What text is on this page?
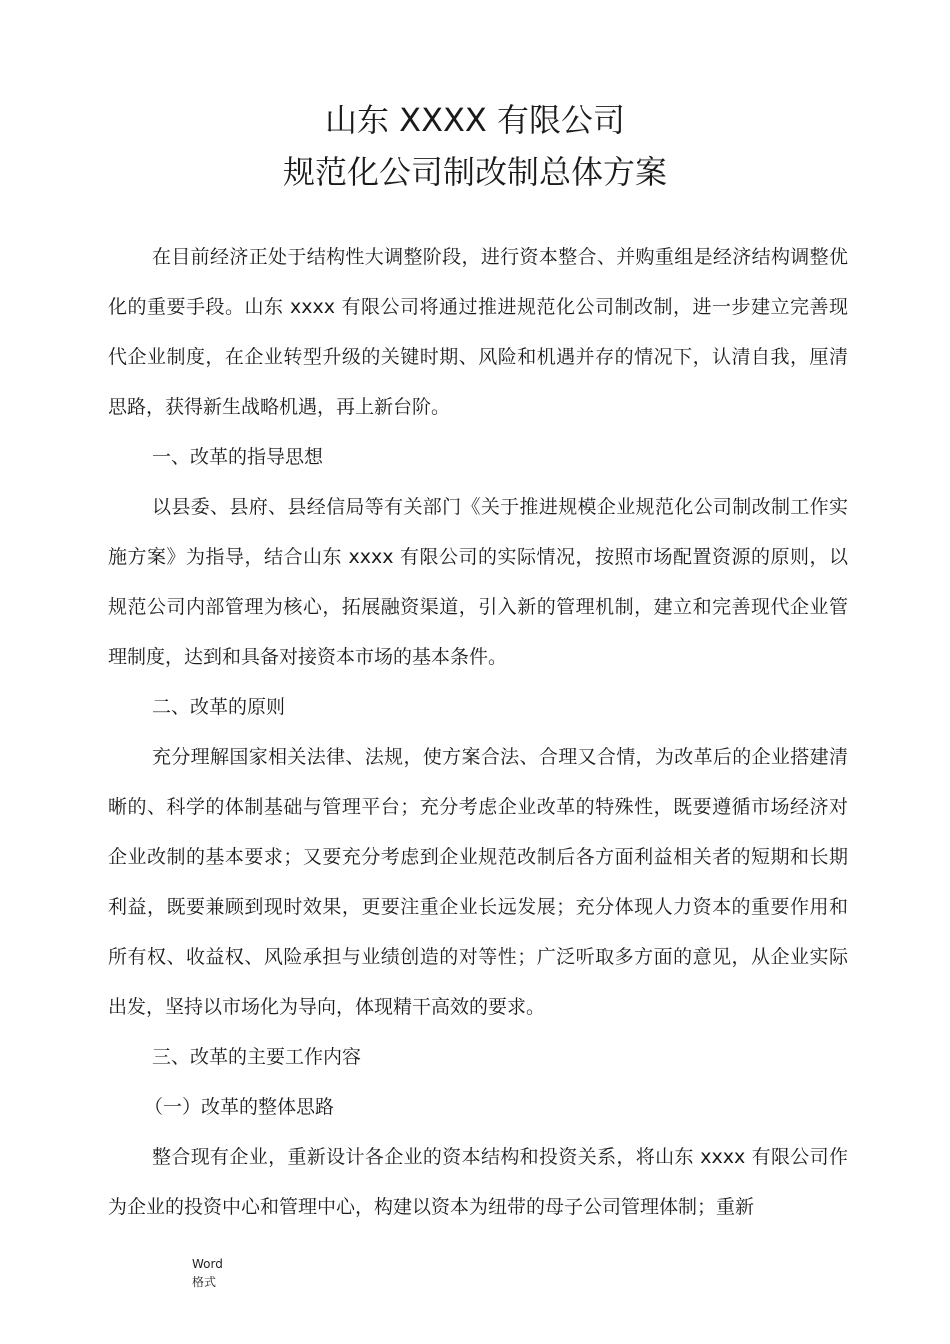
山东 XXXX 有限公司
规范化公司制改制总体方案

在目前经济正处于结构性大调整阶段，进行资本整合、并购重组是经济结构调整优化的重要手段。山东 xxxx 有限公司将通过推进规范化公司制改制，进一步建立完善现代企业制度，在企业转型升级的关键时期、风险和机遇并存的情况下，认清自我，厘清思路，获得新生战略机遇，再上新台阶。

一、改革的指导思想

以县委、县府、县经信局等有关部门《关于推进规模企业规范化公司制改制工作实施方案》为指导，结合山东 xxxx 有限公司的实际情况，按照市场配置资源的原则，以规范公司内部管理为核心，拓展融资渠道，引入新的管理机制，建立和完善现代企业管理制度，达到和具备对接资本市场的基本条件。

二、改革的原则

充分理解国家相关法律、法规，使方案合法、合理又合情，为改革后的企业搭建清晰的、科学的体制基础与管理平台；充分考虑企业改革的特殊性，既要遵循市场经济对企业改制的基本要求；又要充分考虑到企业规范改制后各方面利益相关者的短期和长期利益，既要兼顾到现时效果，更要注重企业长远发展；充分体现人力资本的重要作用和所有权、收益权、风险承担与业绩创造的对等性；广泛听取多方面的意见，从企业实际出发，坚持以市场化为导向，体现精干高效的要求。

三、改革的主要工作内容

（一）改革的整体思路

整合现有企业，重新设计各企业的资本结构和投资关系，将山东 xxxx 有限公司作为企业的投资中心和管理中心，构建以资本为纽带的母子公司管理体制；重新

Word
格式
